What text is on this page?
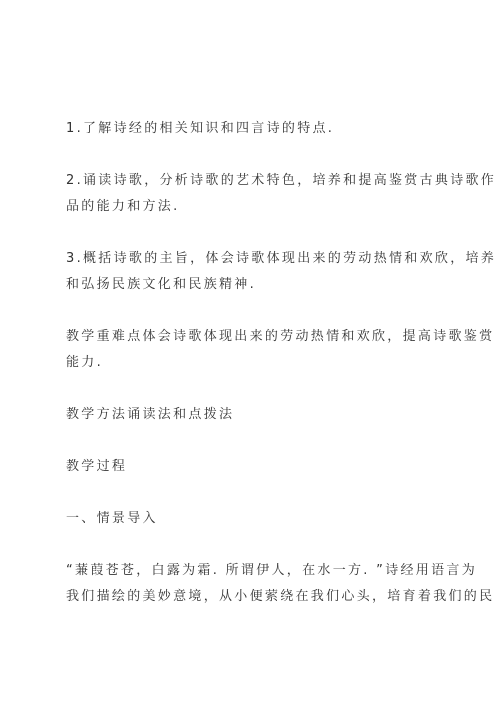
1.了解诗经的相关知识和四言诗的特点.
2.诵读诗歌，分析诗歌的艺术特色，培养和提高鉴赏古典诗歌作
品的能力和方法.
3.概括诗歌的主旨，体会诗歌体现出来的劳动热情和欢欣，培养
和弘扬民族文化和民族精神.
教学重难点体会诗歌体现出来的劳动热情和欢欣，提高诗歌鉴赏
能力.
教学方法诵读法和点拨法
教学过程
一、情景导入
“蒹葭苍苍，白露为霜. 所谓伊人，在水一方. ”诗经用语言为
我们描绘的美妙意境，从小便萦绕在我们心头，培育着我们的民
